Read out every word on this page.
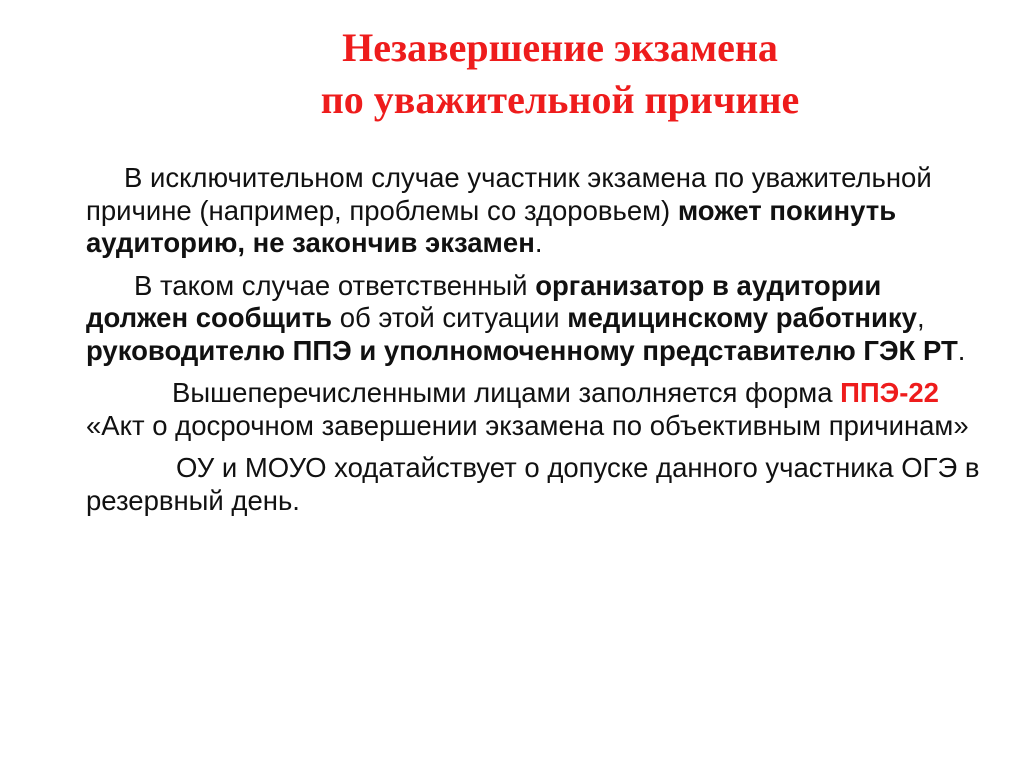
Незавершение экзамена
по уважительной причине

В исключительном случае участник экзамена по уважительной причине (например, проблемы со здоровьем) может покинуть аудиторию, не закончив экзамен.

В таком случае ответственный организатор в аудитории должен сообщить об этой ситуации медицинскому работнику, руководителю ППЭ и уполномоченному представителю ГЭК РТ.

Вышеперечисленными лицами заполняется форма ППЭ-22 «Акт о досрочном завершении экзамена по объективным причинам»

ОУ и МОУО ходатайствует о допуске данного участника ОГЭ в резервный день.
